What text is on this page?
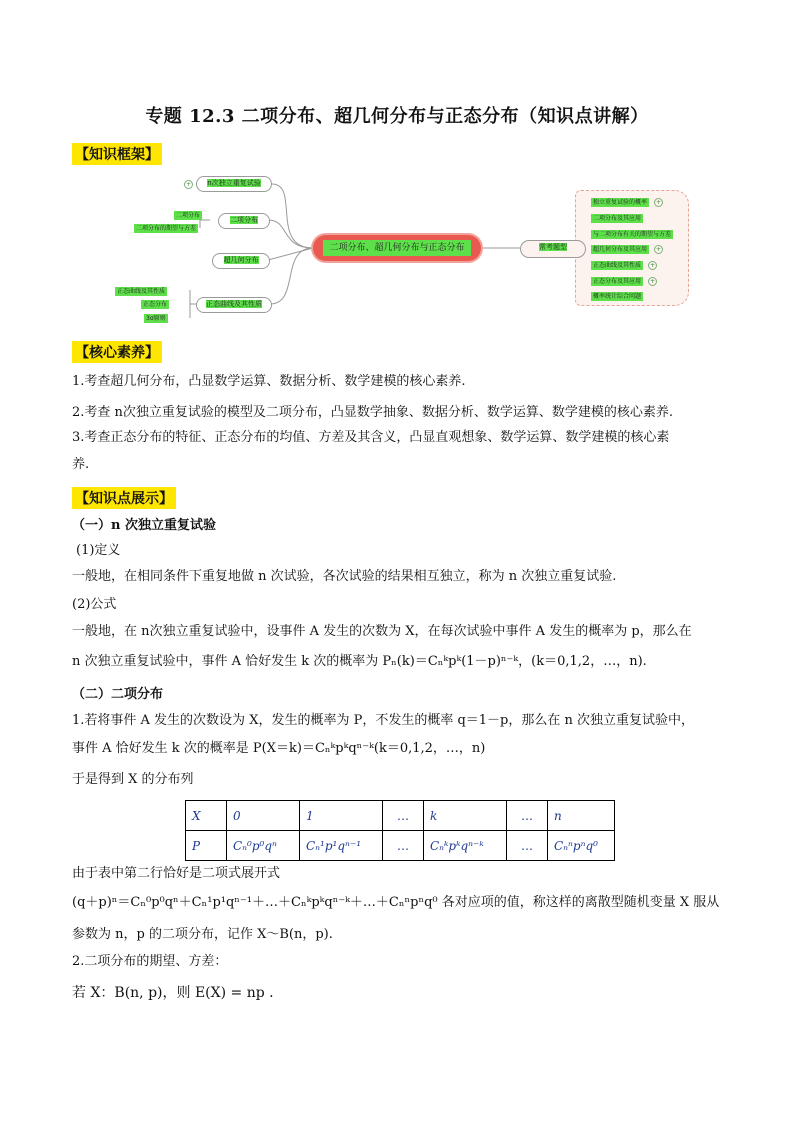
专题 12.3 二项分布、超几何分布与正态分布（知识点讲解）
【知识框架】
+	n次独立重复试验
二项分布
二项分布的期望与方差
二项分布
超几何分布
正态曲线及其性质
正态分布
3σ原则
正态曲线及其性质
二项分布、超几何分布与正态分布	常考题型
独立重复试验的概率	+
二项分布及其应用
与二项分布有关的期望与方差
超几何分布及其应用	+
正态曲线及其性质	+
正态分布及其应用	+
概率统计综合问题
【核心素养】
1.考查超几何分布，凸显数学运算、数据分析、数学建模的核心素养.
2.考查 n次独立重复试验的模型及二项分布，凸显数学抽象、数据分析、数学运算、数学建模的核心素养.
3.考查正态分布的特征、正态分布的均值、方差及其含义，凸显直观想象、数学运算、数学建模的核心素
养.
【知识点展示】
（一）n 次独立重复试验
(1)定义
一般地，在相同条件下重复地做 n 次试验，各次试验的结果相互独立，称为 n 次独立重复试验.
(2)公式
一般地，在 n次独立重复试验中，设事件 A 发生的次数为 X，在每次试验中事件 A 发生的概率为 p，那么在
n 次独立重复试验中，事件 A 恰好发生 k 次的概率为 Pₙ(k)＝Cₙᵏpᵏ(1－p)ⁿ⁻ᵏ，(k＝0,1,2，…，n).
（二）二项分布
1.若将事件 A 发生的次数设为 X，发生的概率为 P，不发生的概率 q＝1－p，那么在 n 次独立重复试验中，
事件 A 恰好发生 k 次的概率是 P(X＝k)＝Cₙᵏpᵏqⁿ⁻ᵏ(k＝0,1,2，…，n)
于是得到 X 的分布列
X	0	1	…	k	…	n
P	Cₙ⁰p⁰qⁿ	Cₙ¹p¹qⁿ⁻¹	…	Cₙᵏpᵏqⁿ⁻ᵏ	…	Cₙⁿpⁿq⁰
由于表中第二行恰好是二项式展开式
(q＋p)ⁿ＝Cₙ⁰p⁰qⁿ＋Cₙ¹p¹qⁿ⁻¹＋…＋Cₙᵏpᵏqⁿ⁻ᵏ＋…＋Cₙⁿpⁿq⁰ 各对应项的值，称这样的离散型随机变量 X 服从
参数为 n，p 的二项分布，记作 X～B(n，p).
2.二项分布的期望、方差：
若 X：B(n, p)，则 E(X) = np .
